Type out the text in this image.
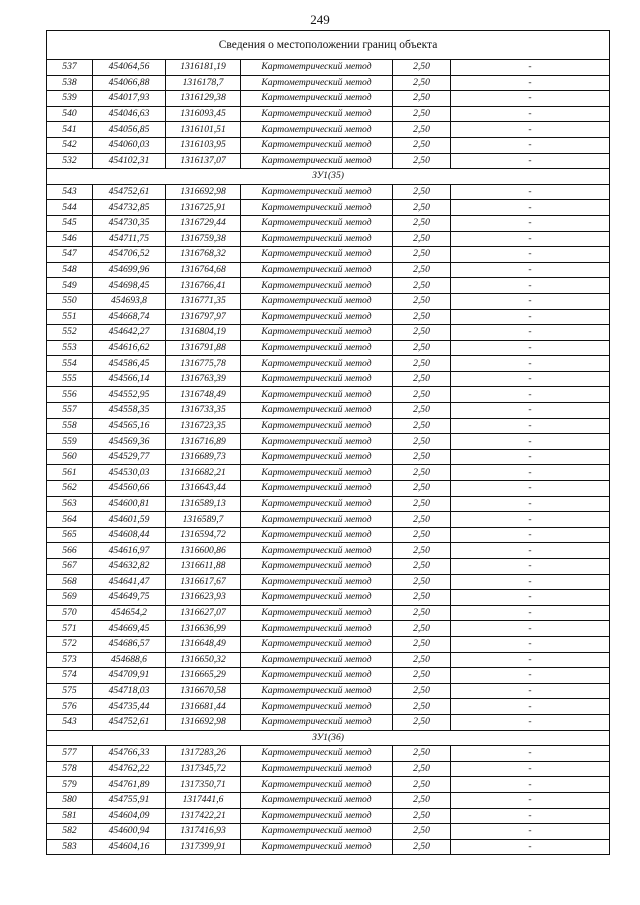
249
Сведения о местоположении границ объекта					
537	454064,56	1316181,19	Картометрический метод	2,50	-
538	454066,88	1316178,7	Картометрический метод	2,50	-
539	454017,93	1316129,38	Картометрический метод	2,50	-
540	454046,63	1316093,45	Картометрический метод	2,50	-
541	454056,85	1316101,51	Картометрический метод	2,50	-
542	454060,03	1316103,95	Картометрический метод	2,50	-
532	454102,31	1316137,07	Картометрический метод	2,50	-
ЗУ1(35)					
543	454752,61	1316692,98	Картометрический метод	2,50	-
544	454732,85	1316725,91	Картометрический метод	2,50	-
545	454730,35	1316729,44	Картометрический метод	2,50	-
546	454711,75	1316759,38	Картометрический метод	2,50	-
547	454706,52	1316768,32	Картометрический метод	2,50	-
548	454699,96	1316764,68	Картометрический метод	2,50	-
549	454698,45	1316766,41	Картометрический метод	2,50	-
550	454693,8	1316771,35	Картометрический метод	2,50	-
551	454668,74	1316797,97	Картометрический метод	2,50	-
552	454642,27	1316804,19	Картометрический метод	2,50	-
553	454616,62	1316791,88	Картометрический метод	2,50	-
554	454586,45	1316775,78	Картометрический метод	2,50	-
555	454566,14	1316763,39	Картометрический метод	2,50	-
556	454552,95	1316748,49	Картометрический метод	2,50	-
557	454558,35	1316733,35	Картометрический метод	2,50	-
558	454565,16	1316723,35	Картометрический метод	2,50	-
559	454569,36	1316716,89	Картометрический метод	2,50	-
560	454529,77	1316689,73	Картометрический метод	2,50	-
561	454530,03	1316682,21	Картометрический метод	2,50	-
562	454560,66	1316643,44	Картометрический метод	2,50	-
563	454600,81	1316589,13	Картометрический метод	2,50	-
564	454601,59	1316589,7	Картометрический метод	2,50	-
565	454608,44	1316594,72	Картометрический метод	2,50	-
566	454616,97	1316600,86	Картометрический метод	2,50	-
567	454632,82	1316611,88	Картометрический метод	2,50	-
568	454641,47	1316617,67	Картометрический метод	2,50	-
569	454649,75	1316623,93	Картометрический метод	2,50	-
570	454654,2	1316627,07	Картометрический метод	2,50	-
571	454669,45	1316636,99	Картометрический метод	2,50	-
572	454686,57	1316648,49	Картометрический метод	2,50	-
573	454688,6	1316650,32	Картометрический метод	2,50	-
574	454709,91	1316665,29	Картометрический метод	2,50	-
575	454718,03	1316670,58	Картометрический метод	2,50	-
576	454735,44	1316681,44	Картометрический метод	2,50	-
543	454752,61	1316692,98	Картометрический метод	2,50	-
ЗУ1(36)					
577	454766,33	1317283,26	Картометрический метод	2,50	-
578	454762,22	1317345,72	Картометрический метод	2,50	-
579	454761,89	1317350,71	Картометрический метод	2,50	-
580	454755,91	1317441,6	Картометрический метод	2,50	-
581	454604,09	1317422,21	Картометрический метод	2,50	-
582	454600,94	1317416,93	Картометрический метод	2,50	-
583	454604,16	1317399,91	Картометрический метод	2,50	-
